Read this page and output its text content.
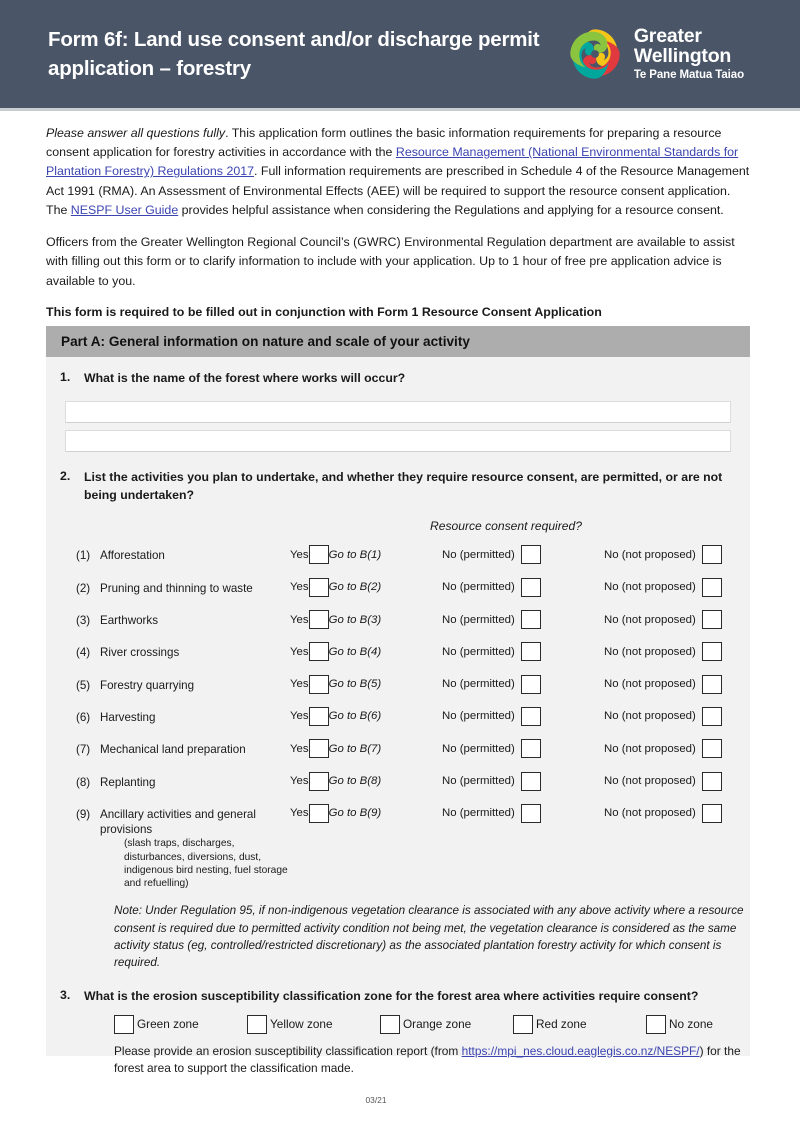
Form 6f: Land use consent and/or discharge permit application – forestry
Greater
Wellington
Te Pane Matua Taiao

Please answer all questions fully. This application form outlines the basic information requirements for preparing a resource consent application for forestry activities in accordance with the Resource Management (National Environmental Standards for Plantation Forestry) Regulations 2017. Full information requirements are prescribed in Schedule 4 of the Resource Management Act 1991 (RMA). An Assessment of Environmental Effects (AEE) will be required to support the resource consent application. The NESPF User Guide provides helpful assistance when considering the Regulations and applying for a resource consent.

Officers from the Greater Wellington Regional Council’s (GWRC) Environmental Regulation department are available to assist with filling out this form or to clarify information to include with your application. Up to 1 hour of free pre application advice is available to you.

This form is required to be filled out in conjunction with Form 1 Resource Consent Application

Part A: General information on nature and scale of your activity
1.	What is the name of the forest where works will occur?
2.	List the activities you plan to undertake, and whether they require resource consent, are permitted, or are not being undertaken?
Resource consent required?
(1) Afforestation	Yes Go to B(1)	No (permitted)	No (not proposed)
(2) Pruning and thinning to waste	Yes Go to B(2)	No (permitted)	No (not proposed)
(3) Earthworks	Yes Go to B(3)	No (permitted)	No (not proposed)
(4) River crossings	Yes Go to B(4)	No (permitted)	No (not proposed)
(5) Forestry quarrying	Yes Go to B(5)	No (permitted)	No (not proposed)
(6) Harvesting	Yes Go to B(6)	No (permitted)	No (not proposed)
(7) Mechanical land preparation	Yes Go to B(7)	No (permitted)	No (not proposed)
(8) Replanting	Yes Go to B(8)	No (permitted)	No (not proposed)
(9) Ancillary activities and general provisions
(slash traps, discharges, disturbances, diversions, dust, indigenous bird nesting, fuel storage and refuelling)
Yes Go to B(9)	No (permitted)	No (not proposed)
Note: Under Regulation 95, if non-indigenous vegetation clearance is associated with any above activity where a resource consent is required due to permitted activity condition not being met, the vegetation clearance is considered as the same activity status (eg, controlled/restricted discretionary) as the associated plantation forestry activity for which consent is required.
3.	What is the erosion susceptibility classification zone for the forest area where activities require consent?
Green zone	Yellow zone	Orange zone	Red zone	No zone
Please provide an erosion susceptibility classification report (from https://mpi_nes.cloud.eaglegis.co.nz/NESPF/) for the forest area to support the classification made.
03/21
